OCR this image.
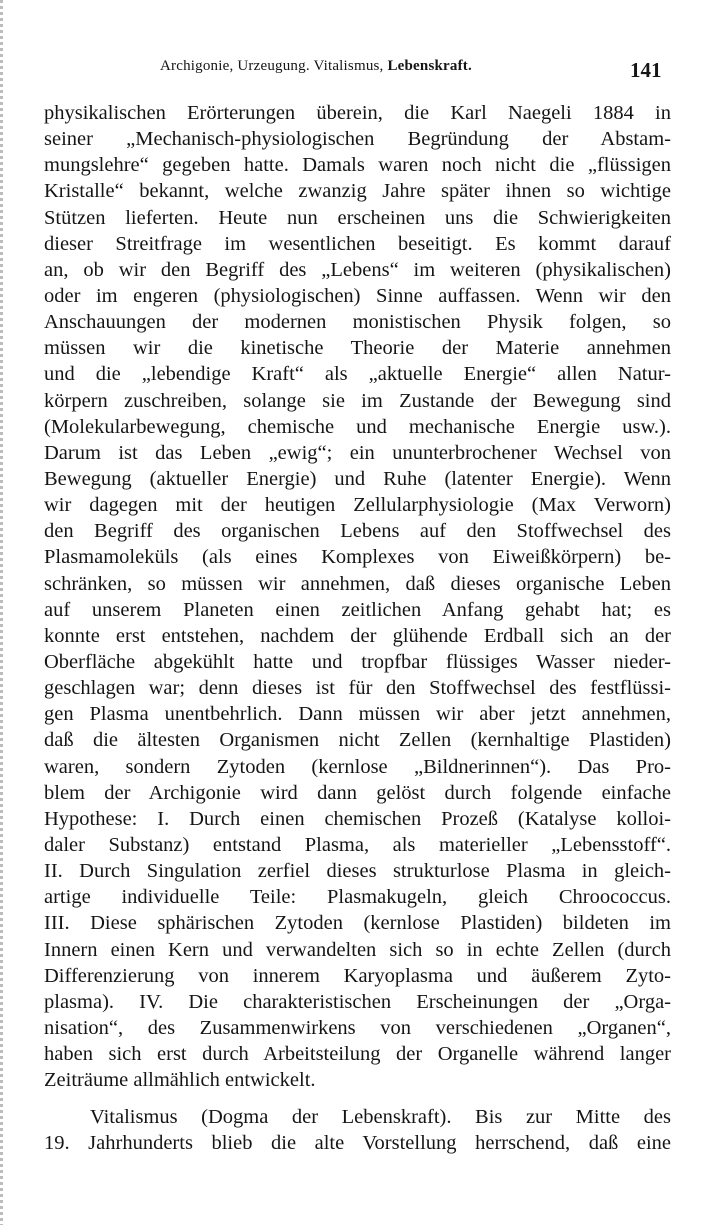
Archigonie, Urzeugung. Vitalismus, Lebenskraft.	141
physikalischen Erörterungen überein, die Karl Naegeli 1884 in
seiner „Mechanisch-physiologischen Begründung der Abstam-
mungslehre“ gegeben hatte. Damals waren noch nicht die „flüssigen
Kristalle“ bekannt, welche zwanzig Jahre später ihnen so wichtige
Stützen lieferten. Heute nun erscheinen uns die Schwierigkeiten
dieser Streitfrage im wesentlichen beseitigt. Es kommt darauf
an, ob wir den Begriff des „Lebens“ im weiteren (physikalischen)
oder im engeren (physiologischen) Sinne auffassen. Wenn wir den
Anschauungen der modernen monistischen Physik folgen, so
müssen wir die kinetische Theorie der Materie annehmen
und die „lebendige Kraft“ als „aktuelle Energie“ allen Natur-
körpern zuschreiben, solange sie im Zustande der Bewegung sind
(Molekularbewegung, chemische und mechanische Energie usw.).
Darum ist das Leben „ewig“; ein ununterbrochener Wechsel von
Bewegung (aktueller Energie) und Ruhe (latenter Energie). Wenn
wir dagegen mit der heutigen Zellularphysiologie (Max Verworn)
den Begriff des organischen Lebens auf den Stoffwechsel des
Plasmamoleküls (als eines Komplexes von Eiweißkörpern) be-
schränken, so müssen wir annehmen, daß dieses organische Leben
auf unserem Planeten einen zeitlichen Anfang gehabt hat; es
konnte erst entstehen, nachdem der glühende Erdball sich an der
Oberfläche abgekühlt hatte und tropfbar flüssiges Wasser nieder-
geschlagen war; denn dieses ist für den Stoffwechsel des festflüssi-
gen Plasma unentbehrlich. Dann müssen wir aber jetzt annehmen,
daß die ältesten Organismen nicht Zellen (kernhaltige Plastiden)
waren, sondern Zytoden (kernlose „Bildnerinnen“). Das Pro-
blem der Archigonie wird dann gelöst durch folgende einfache
Hypothese: I. Durch einen chemischen Prozeß (Katalyse kolloi-
daler Substanz) entstand Plasma, als materieller „Lebensstoff“.
II. Durch Singulation zerfiel dieses strukturlose Plasma in gleich-
artige individuelle Teile: Plasmakugeln, gleich Chroococcus.
III. Diese sphärischen Zytoden (kernlose Plastiden) bildeten im
Innern einen Kern und verwandelten sich so in echte Zellen (durch
Differenzierung von innerem Karyoplasma und äußerem Zyto-
plasma). IV. Die charakteristischen Erscheinungen der „Orga-
nisation“, des Zusammenwirkens von verschiedenen „Organen“,
haben sich erst durch Arbeitsteilung der Organelle während langer
Zeiträume allmählich entwickelt.
Vitalismus (Dogma der Lebenskraft). Bis zur Mitte des
19. Jahrhunderts blieb die alte Vorstellung herrschend, daß eine
